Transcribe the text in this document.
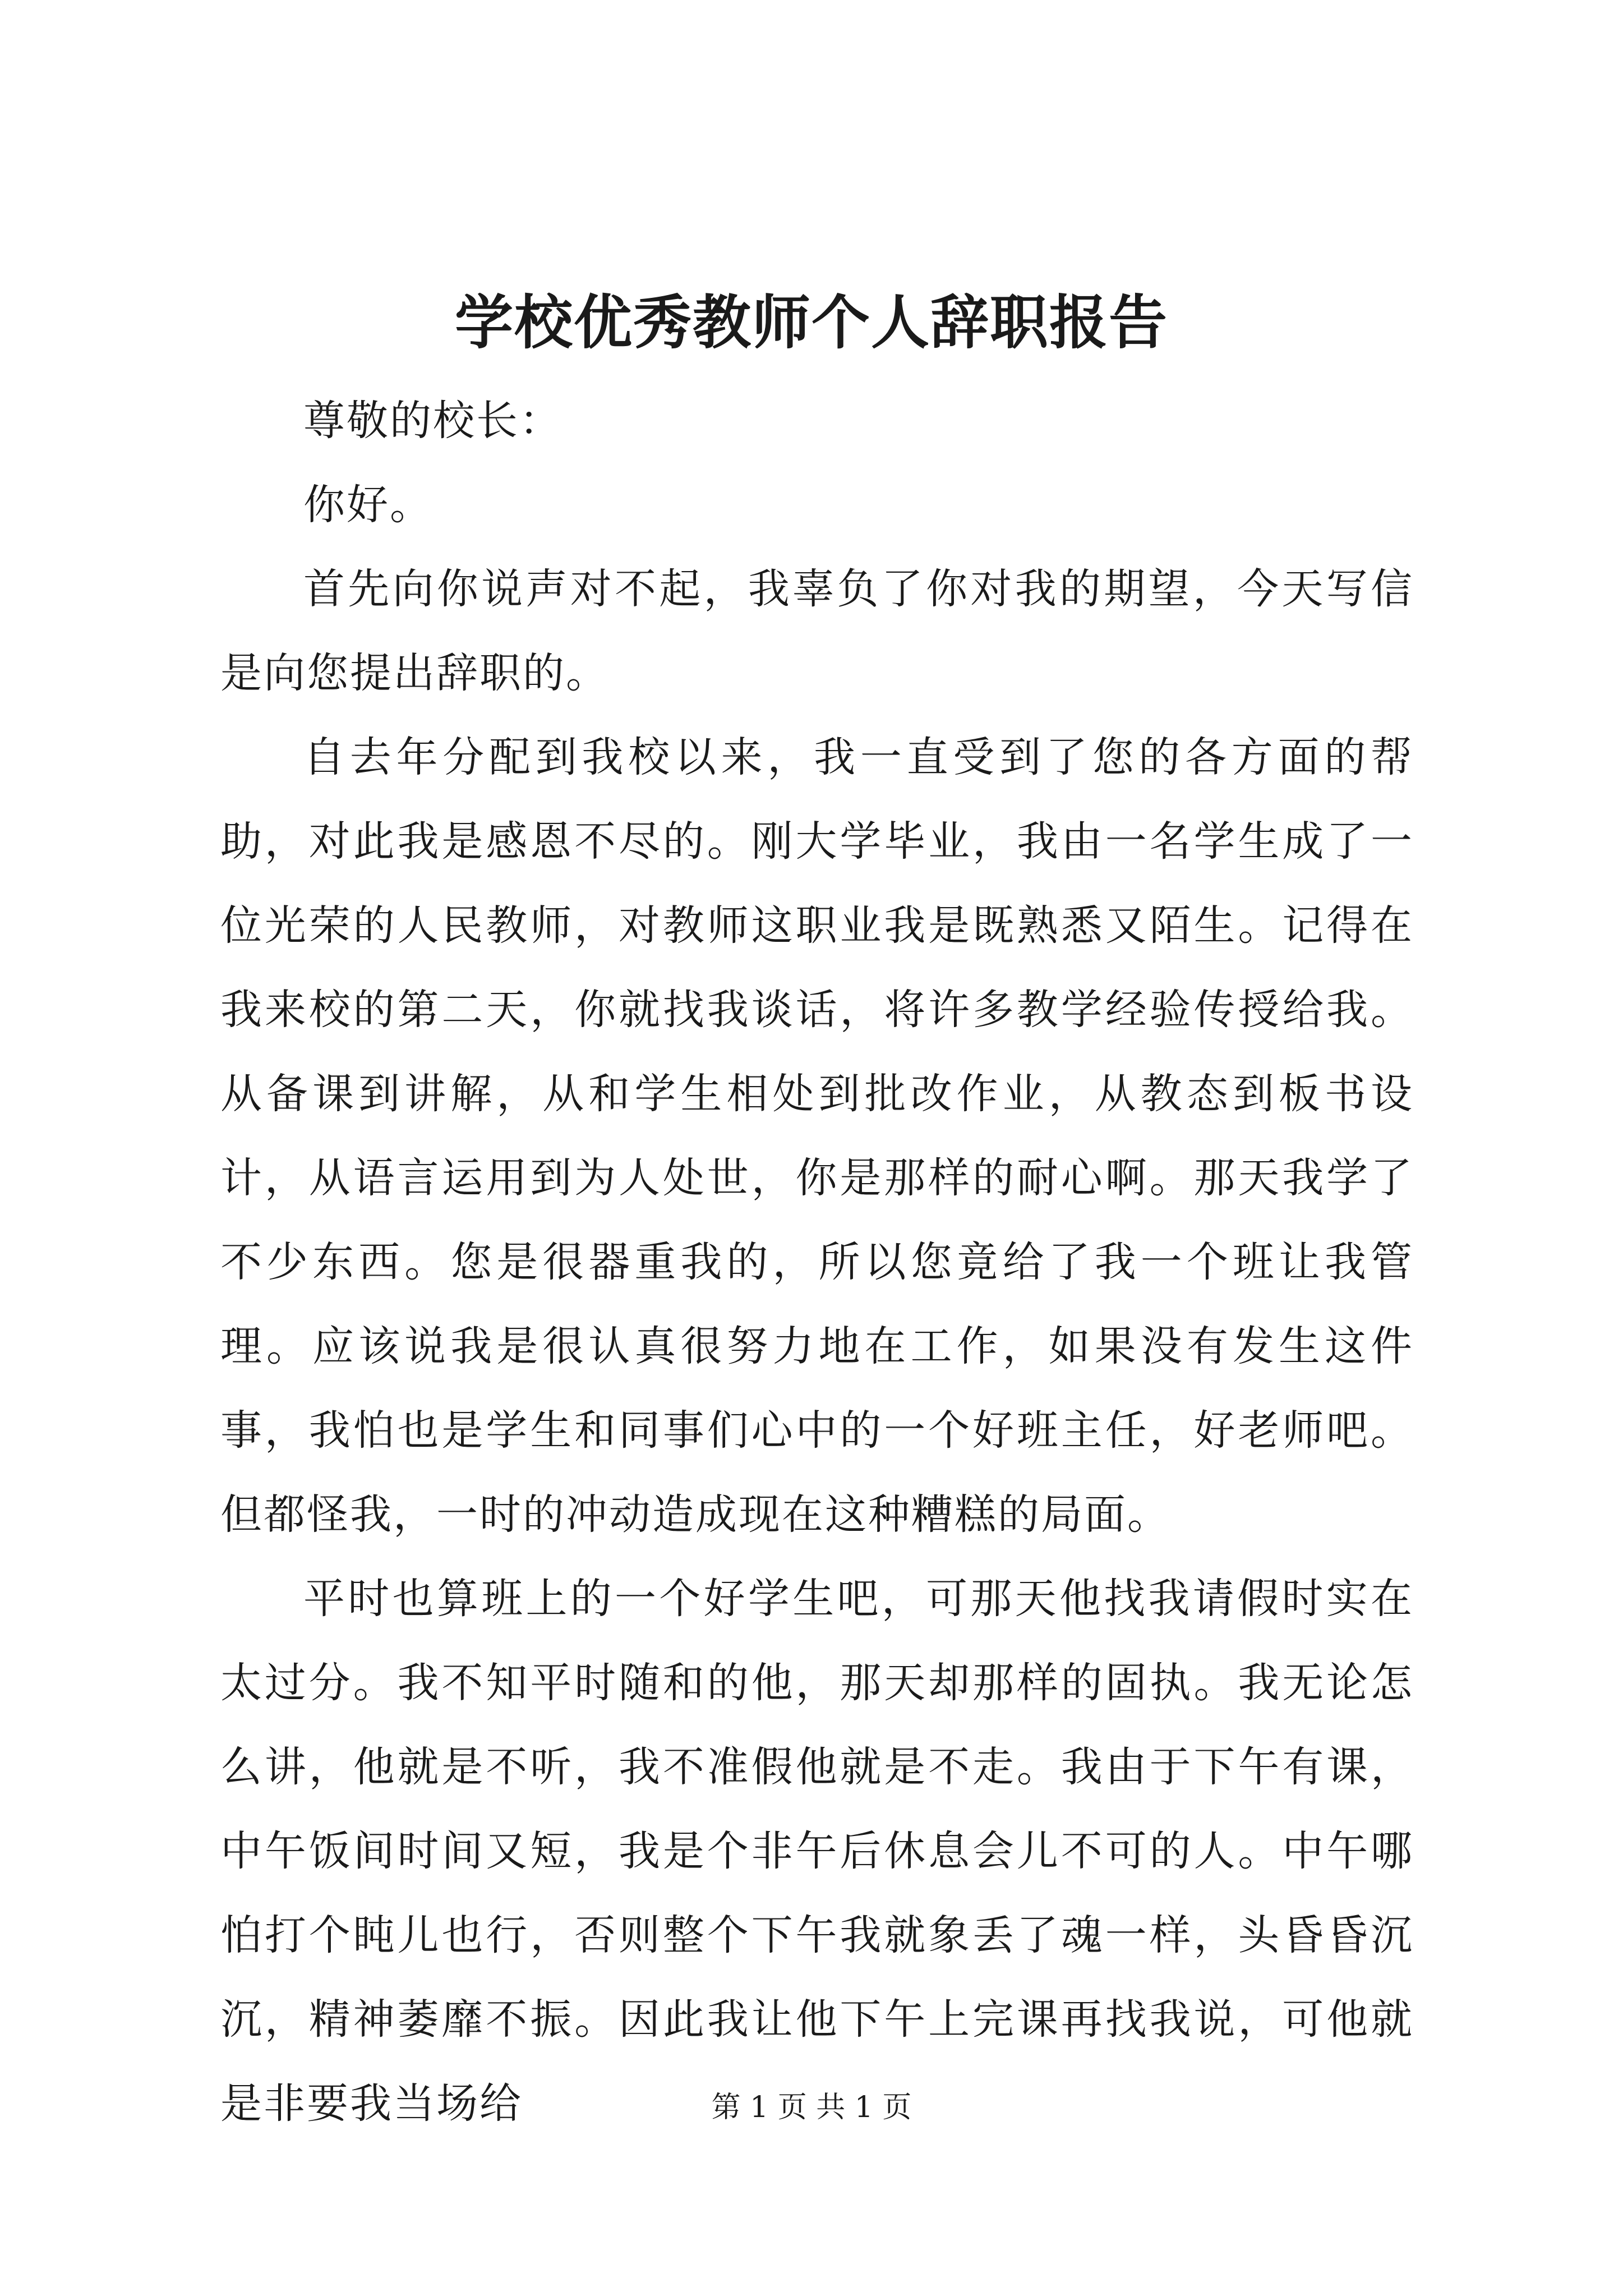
学校优秀教师个人辞职报告

尊敬的校长：

你好。

首先向你说声对不起，我辜负了你对我的期望，今天写信是向您提出辞职的。

自去年分配到我校以来，我一直受到了您的各方面的帮助，对此我是感恩不尽的。刚大学毕业，我由一名学生成了一位光荣的人民教师，对教师这职业我是既熟悉又陌生。记得在我来校的第二天，你就找我谈话，将许多教学经验传授给我。从备课到讲解，从和学生相处到批改作业，从教态到板书设计，从语言运用到为人处世，你是那样的耐心啊。那天我学了不少东西。您是很器重我的，所以您竟给了我一个班让我管理。应该说我是很认真很努力地在工作，如果没有发生这件事，我怕也是学生和同事们心中的一个好班主任，好老师吧。但都怪我，一时的冲动造成现在这种糟糕的局面。

平时也算班上的一个好学生吧，可那天他找我请假时实在太过分。我不知平时随和的他，那天却那样的固执。我无论怎么讲，他就是不听，我不准假他就是不走。我由于下午有课，中午饭间时间又短，我是个非午后休息会儿不可的人。中午哪怕打个盹儿也行，否则整个下午我就象丢了魂一样，头昏昏沉沉，精神萎靡不振。因此我让他下午上完课再找我说，可他就是非要我当场给	第 1 页 共 1 页
